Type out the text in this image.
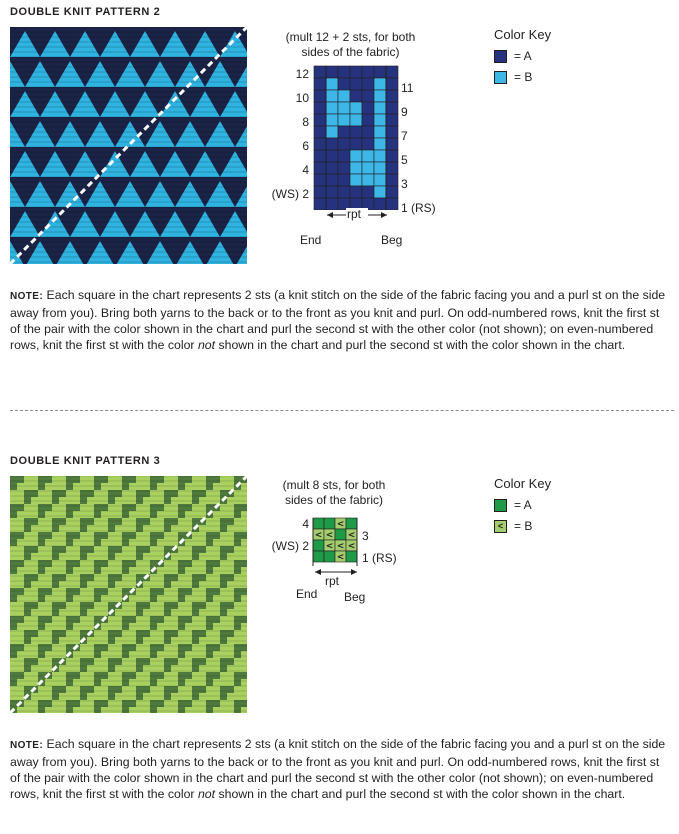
DOUBLE KNIT PATTERN 2
(mult 12 + 2 sts, for both
sides of the fabric)
12
10
8
6
4
(WS) 2
11
9
7
5
3
1 (RS)
rpt
End	Beg
Color Key
= A
= B
NOTE: Each square in the chart represents 2 sts (a knit stitch on the side of the fabric facing you and a purl st on the side away from you). Bring both yarns to the back or to the front as you knit and purl. On odd-numbered rows, knit the first st of the pair with the color shown in the chart and purl the second st with the other color (not shown); on even-numbered rows, knit the first st with the color not shown in the chart and purl the second st with the color shown in the chart.
DOUBLE KNIT PATTERN 3
(mult 8 sts, for both
sides of the fabric)
<
< < <
< < <
<
4
(WS) 2
3
1 (RS)
rpt
End Beg
Color Key
= A
< = B
NOTE: Each square in the chart represents 2 sts (a knit stitch on the side of the fabric facing you and a purl st on the side away from you). Bring both yarns to the back or to the front as you knit and purl. On odd-numbered rows, knit the first st of the pair with the color shown in the chart and purl the second st with the other color (not shown); on even-numbered rows, knit the first st with the color not shown in the chart and purl the second st with the color shown in the chart.
